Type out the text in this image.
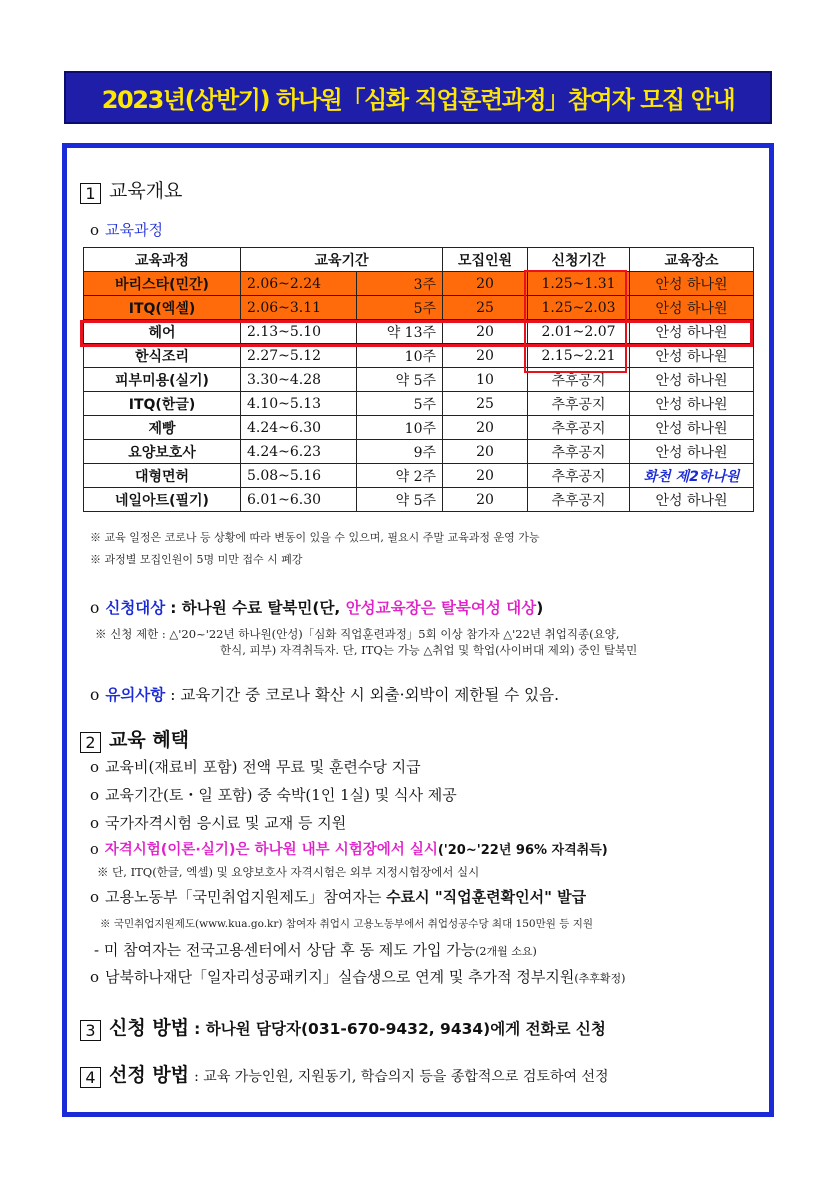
2023년(상반기) 하나원「심화 직업훈련과정」참여자 모집 안내
1 교육개요
o 교육과정
교육과정	교육기간		모집인원	신청기간	교육장소
바리스타(민간)	2.06~2.24	3주	20	1.25~1.31	안성 하나원
ITQ(엑셀)	2.06~3.11	5주	25	1.25~2.03	안성 하나원
헤어	2.13~5.10	약 13주	20	2.01~2.07	안성 하나원
한식조리	2.27~5.12	10주	20	2.15~2.21	안성 하나원
피부미용(실기)	3.30~4.28	약 5주	10	추후공지	안성 하나원
ITQ(한글)	4.10~5.13	5주	25	추후공지	안성 하나원
제빵	4.24~6.30	10주	20	추후공지	안성 하나원
요양보호사	4.24~6.23	9주	20	추후공지	안성 하나원
대형면허	5.08~5.16	약 2주	20	추후공지	화천 제2하나원
네일아트(필기)	6.01~6.30	약 5주	20	추후공지	안성 하나원
※ 교육 일정은 코로나 등 상황에 따라 변동이 있을 수 있으며, 필요시 주말 교육과정 운영 가능
※ 과정별 모집인원이 5명 미만 접수 시 폐강
o 신청대상 : 하나원 수료 탈북민(단, 안성교육장은 탈북여성 대상)
※ 신청 제한 : △'20~'22년 하나원(안성)「심화 직업훈련과정」5회 이상 참가자 △'22년 취업직종(요양,
한식, 피부) 자격취득자. 단, ITQ는 가능 △취업 및 학업(사이버대 제외) 중인 탈북민
o 유의사항 : 교육기간 중 코로나 확산 시 외출·외박이 제한될 수 있음.
2 교육 혜택
o 교육비(재료비 포함) 전액 무료 및 훈련수당 지급
o 교육기간(토・일 포함) 중 숙박(1인 1실) 및 식사 제공
o 국가자격시험 응시료 및 교재 등 지원
o 자격시험(이론·실기)은 하나원 내부 시험장에서 실시('20~'22년 96% 자격취득)
※ 단, ITQ(한글, 엑셀) 및 요양보호사 자격시험은 외부 지정시험장에서 실시
o 고용노동부「국민취업지원제도」참여자는 수료시 "직업훈련확인서" 발급
※ 국민취업지원제도(www.kua.go.kr) 참여자 취업시 고용노동부에서 취업성공수당 최대 150만원 등 지원
- 미 참여자는 전국고용센터에서 상담 후 동 제도 가입 가능(2개월 소요)
o 남북하나재단「일자리성공패키지」실습생으로 연계 및 추가적 정부지원(추후확정)
3 신청 방법 : 하나원 담당자(031-670-9432, 9434)에게 전화로 신청
4 선정 방법 : 교육 가능인원, 지원동기, 학습의지 등을 종합적으로 검토하여 선정
